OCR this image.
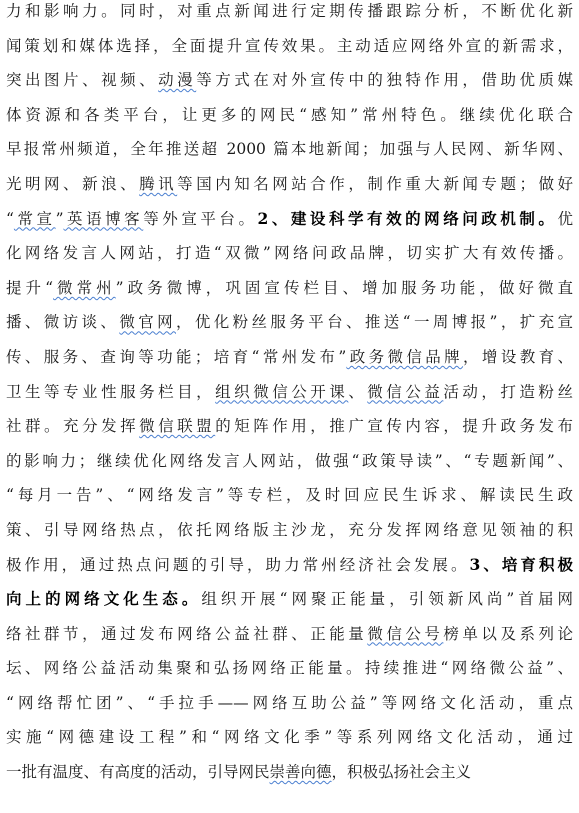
力和影响力。同时，对重点新闻进行定期传播跟踪分析，不断优化新
闻策划和媒体选择，全面提升宣传效果。主动适应网络外宣的新需求，
突出图片、视频、动漫等方式在对外宣传中的独特作用，借助优质媒
体资源和各类平台，让更多的网民“感知”常州特色。继续优化联合
早报常州频道，全年推送超 2000 篇本地新闻；加强与人民网、新华网、
光明网、新浪、腾讯等国内知名网站合作，制作重大新闻专题；做好
“常宣”英语博客等外宣平台。2、建设科学有效的网络问政机制。优
化网络发言人网站，打造“双微”网络问政品牌，切实扩大有效传播。
提升“微常州”政务微博，巩固宣传栏目、增加服务功能，做好微直
播、微访谈、微官网，优化粉丝服务平台、推送“一周博报”，扩充宣
传、服务、查询等功能；培育“常州发布”政务微信品牌，增设教育、
卫生等专业性服务栏目，组织微信公开课、微信公益活动，打造粉丝
社群。充分发挥微信联盟的矩阵作用，推广宣传内容，提升政务发布
的影响力；继续优化网络发言人网站，做强“政策导读”、“专题新闻”、
“每月一告”、“网络发言”等专栏，及时回应民生诉求、解读民生政
策、引导网络热点，依托网络版主沙龙，充分发挥网络意见领袖的积
极作用，通过热点问题的引导，助力常州经济社会发展。3、培育积极
向上的网络文化生态。组织开展“网聚正能量，引领新风尚”首届网
络社群节，通过发布网络公益社群、正能量微信公号榜单以及系列论
坛、网络公益活动集聚和弘扬网络正能量。持续推进“网络微公益”、
“网络帮忙团”、“手拉手——网络互助公益”等网络文化活动，重点
实施“网德建设工程”和“网络文化季”等系列网络文化活动，通过
一批有温度、有高度的活动，引导网民崇善向德，积极弘扬社会主义
